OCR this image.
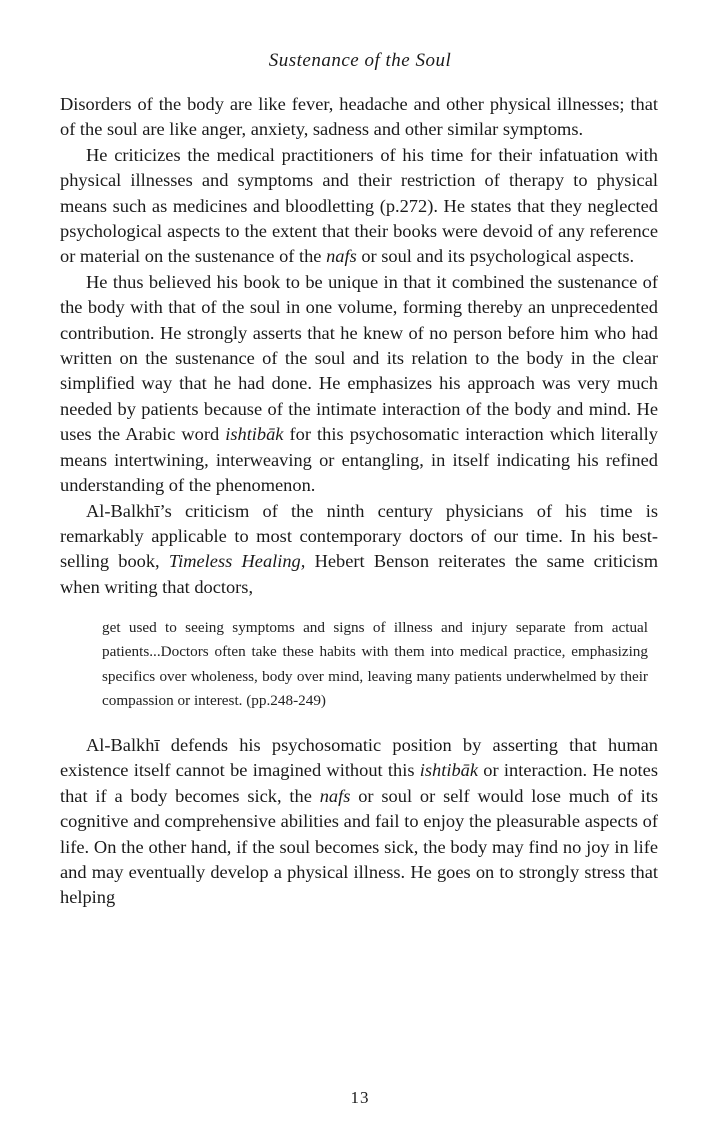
Sustenance of the Soul

Disorders of the body are like fever, headache and other physical illnesses; that of the soul are like anger, anxiety, sadness and other similar symptoms.

He criticizes the medical practitioners of his time for their infatuation with physical illnesses and symptoms and their restriction of therapy to physical means such as medicines and bloodletting (p.272). He states that they neglected psychological aspects to the extent that their books were devoid of any reference or material on the sustenance of the nafs or soul and its psychological aspects.

He thus believed his book to be unique in that it combined the sustenance of the body with that of the soul in one volume, forming thereby an unprecedented contribution. He strongly asserts that he knew of no person before him who had written on the sustenance of the soul and its relation to the body in the clear simplified way that he had done. He emphasizes his approach was very much needed by patients because of the intimate interaction of the body and mind. He uses the Arabic word ishtibāk for this psychosomatic interaction which literally means intertwining, interweaving or entangling, in itself indicating his refined understanding of the phenomenon.

Al-Balkhī’s criticism of the ninth century physicians of his time is remarkably applicable to most contemporary doctors of our time. In his best-selling book, Timeless Healing, Hebert Benson reiterates the same criticism when writing that doctors,

get used to seeing symptoms and signs of illness and injury separate from actual patients...Doctors often take these habits with them into medical practice, emphasizing specifics over wholeness, body over mind, leaving many patients underwhelmed by their compassion or interest. (pp.248-249)

Al-Balkhī defends his psychosomatic position by asserting that human existence itself cannot be imagined without this ishtibāk or interaction. He notes that if a body becomes sick, the nafs or soul or self would lose much of its cognitive and comprehensive abilities and fail to enjoy the pleasurable aspects of life. On the other hand, if the soul becomes sick, the body may find no joy in life and may eventually develop a physical illness. He goes on to strongly stress that helping

13
